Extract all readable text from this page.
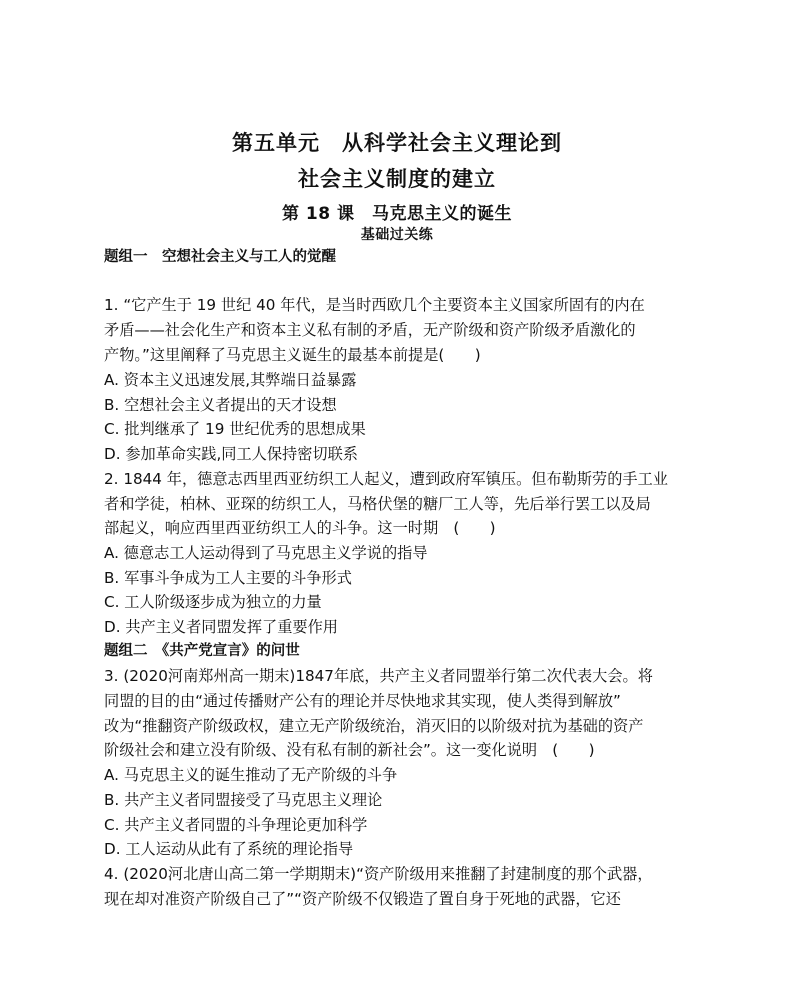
第五单元　从科学社会主义理论到
社会主义制度的建立
第 18 课　马克思主义的诞生
基础过关练
题组一　空想社会主义与工人的觉醒
1. “它产生于 19 世纪 40 年代，是当时西欧几个主要资本主义国家所固有的内在
矛盾——社会化生产和资本主义私有制的矛盾，无产阶级和资产阶级矛盾激化的
产物。”这里阐释了马克思主义诞生的最基本前提是(　　)
A. 资本主义迅速发展,其弊端日益暴露
B. 空想社会主义者提出的天才设想
C. 批判继承了 19 世纪优秀的思想成果
D. 参加革命实践,同工人保持密切联系
2. 1844 年，德意志西里西亚纺织工人起义，遭到政府军镇压。但布勒斯劳的手工业
者和学徒，柏林、亚琛的纺织工人，马格伏堡的糖厂工人等，先后举行罢工以及局
部起义，响应西里西亚纺织工人的斗争。这一时期　(　　)
A. 德意志工人运动得到了马克思主义学说的指导
B. 军事斗争成为工人主要的斗争形式
C. 工人阶级逐步成为独立的力量
D. 共产主义者同盟发挥了重要作用
题组二　《共产党宣言》的问世
3. (2020河南郑州高一期末)1847年底，共产主义者同盟举行第二次代表大会。将
同盟的目的由“通过传播财产公有的理论并尽快地求其实现，使人类得到解放”
改为“推翻资产阶级政权，建立无产阶级统治，消灭旧的以阶级对抗为基础的资产
阶级社会和建立没有阶级、没有私有制的新社会”。这一变化说明　(　　)
A. 马克思主义的诞生推动了无产阶级的斗争
B. 共产主义者同盟接受了马克思主义理论
C. 共产主义者同盟的斗争理论更加科学
D. 工人运动从此有了系统的理论指导
4. (2020河北唐山高二第一学期期末)“资产阶级用来推翻了封建制度的那个武器，
现在却对准资产阶级自己了”“资产阶级不仅锻造了置自身于死地的武器，它还
